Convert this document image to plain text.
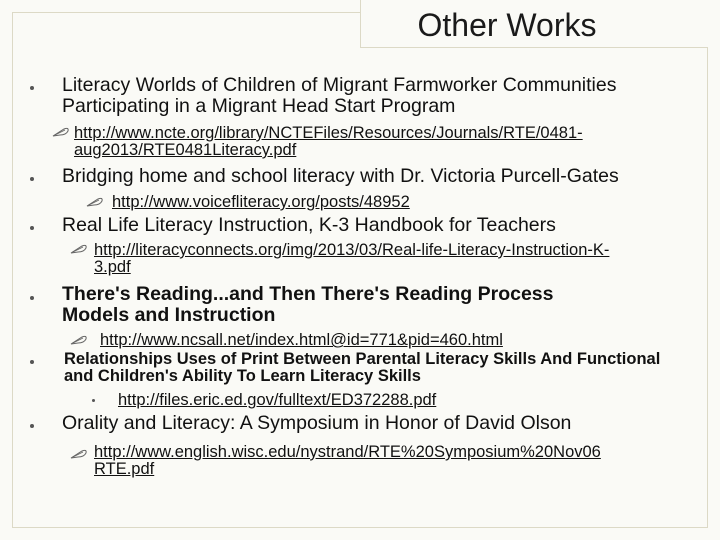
Other Works
Literacy Worlds of Children of Migrant Farmworker Communities
Participating in a Migrant Head Start Program
http://www.ncte.org/library/NCTEFiles/Resources/Journals/RTE/0481-
aug2013/RTE0481Literacy.pdf
Bridging home and school literacy with Dr. Victoria Purcell-Gates
http://www.voicefliteracy.org/posts/48952
Real Life Literacy Instruction, K-3 Handbook for Teachers
http://literacyconnects.org/img/2013/03/Real-life-Literacy-Instruction-K-
3.pdf
There's Reading...and Then There's Reading Process
Models and Instruction
http://www.ncsall.net/index.html@id=771&pid=460.html
Relationships Uses of Print Between Parental Literacy Skills And Functional
and Children's Ability To Learn Literacy Skills
http://files.eric.ed.gov/fulltext/ED372288.pdf
Orality and Literacy: A Symposium in Honor of David Olson
http://www.english.wisc.edu/nystrand/RTE%20Symposium%20Nov06
RTE.pdf
